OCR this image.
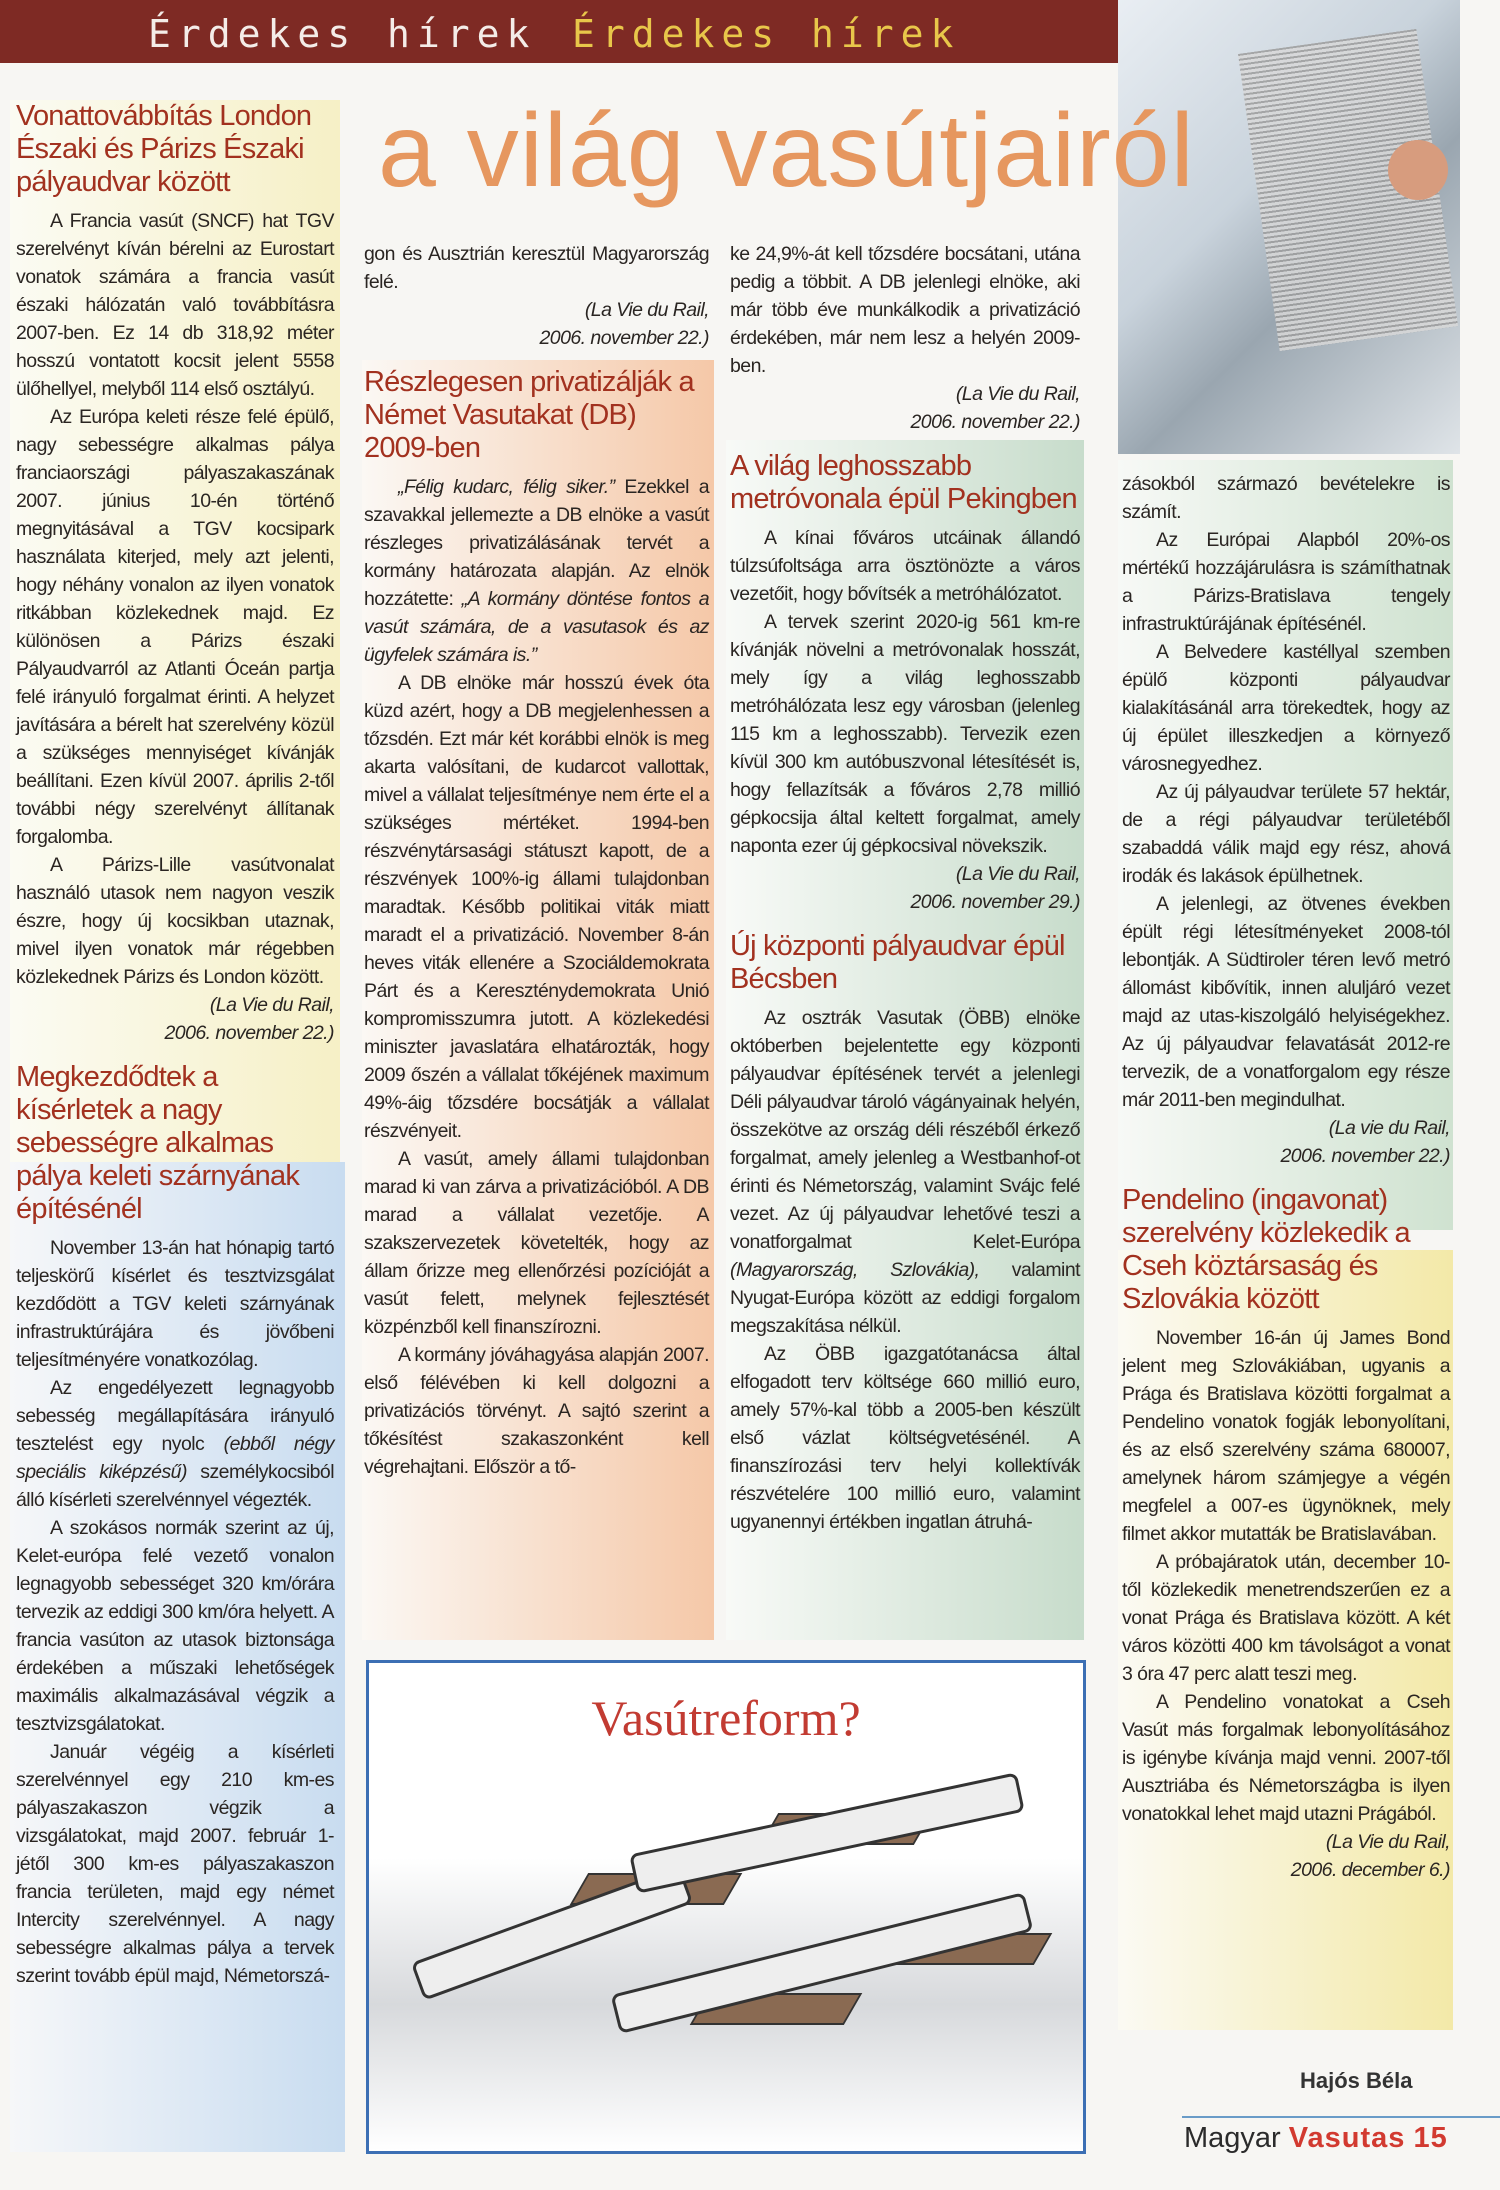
Érdekes hírek Érdekes hírek
a világ vasútjairól
Vonattovábbítás London Északi és Párizs Északi pályaudvar között

A Francia vasút (SNCF) hat TGV szerelvényt kíván bérelni az Eurostart vonatok számára a francia vasút északi hálózatán való továbbításra 2007-ben. Ez 14 db 318,92 méter hosszú vontatott kocsit jelent 5558 ülőhellyel, melyből 114 első osztályú.

Az Európa keleti része felé épülő, nagy sebességre alkalmas pálya franciaországi pályaszakaszának 2007. június 10-én történő megnyitásával a TGV kocsipark használata kiterjed, mely azt jelenti, hogy néhány vonalon az ilyen vonatok ritkábban közlekednek majd. Ez különösen a Párizs északi Pályaudvarról az Atlanti Óceán partja felé irányuló forgalmat érinti. A helyzet javítására a bérelt hat szerelvény közül a szükséges mennyiséget kívánják beállítani. Ezen kívül 2007. április 2-től további négy szerelvényt állítanak forgalomba.

A Párizs-Lille vasútvonalat használó utasok nem nagyon veszik észre, hogy új kocsikban utaznak, mivel ilyen vonatok már régebben közlekednek Párizs és London között.

(La Vie du Rail,
2006. november 22.)
Megkezdődtek a kísérletek a nagy sebességre alkalmas pálya keleti szárnyának építésénél

November 13-án hat hónapig tartó teljeskörű kísérlet és tesztvizsgálat kezdődött a TGV keleti szárnyának infrastruktúrájára és jövőbeni teljesítményére vonatkozólag.

Az engedélyezett legnagyobb sebesség megállapítására irányuló tesztelést egy nyolc (ebből négy speciális kiképzésű) személykocsiból álló kísérleti szerelvénnyel végezték.

A szokásos normák szerint az új, Kelet-európa felé vezető vonalon legnagyobb sebességet 320 km/órára tervezik az eddigi 300 km/óra helyett. A francia vasúton az utasok biztonsága érdekében a műszaki lehetőségek maximális alkalmazásával végzik a tesztvizsgálatokat.

Január végéig a kísérleti szerelvénnyel egy 210 km-es pályaszakaszon végzik a vizsgálatokat, majd 2007. február 1-jétől 300 km-es pályaszakaszon francia területen, majd egy német Intercity szerelvénnyel. A nagy sebességre alkalmas pálya a tervek szerint tovább épül majd, Németorszá-

gon és Ausztrián keresztül Magyarország felé.

(La Vie du Rail,
2006. november 22.)
Részlegesen privatizálják a Német Vasutakat (DB) 2009-ben

„Félig kudarc, félig siker.” Ezekkel a szavakkal jellemezte a DB elnöke a vasút részleges privatizálásának tervét a kormány határozata alapján. Az elnök hozzátette: „A kormány döntése fontos a vasút számára, de a vasutasok és az ügyfelek számára is.”

A DB elnöke már hosszú évek óta küzd azért, hogy a DB megjelenhessen a tőzsdén. Ezt már két korábbi elnök is meg akarta valósítani, de kudarcot vallottak, mivel a vállalat teljesítménye nem érte el a szükséges mértéket. 1994-ben részvénytársasági státuszt kapott, de a részvények 100%-ig állami tulajdonban maradtak. Később politikai viták miatt maradt el a privatizáció. November 8-án heves viták ellenére a Szociáldemokrata Párt és a Kereszténydemokrata Unió kompromisszumra jutott. A közlekedési miniszter javaslatára elhatározták, hogy 2009 őszén a vállalat tőkéjének maximum 49%-áig tőzsdére bocsátják a vállalat részvényeit.

A vasút, amely állami tulajdonban marad ki van zárva a privatizációból. A DB marad a vállalat vezetője. A szakszervezetek követelték, hogy az állam őrizze meg ellenőrzési pozícióját a vasút felett, melynek fejlesztését közpénzből kell finanszírozni.

A kormány jóváhagyása alapján 2007. első félévében ki kell dolgozni a privatizációs törvényt. A sajtó szerint a tőkésítést szakaszonként kell végrehajtani. Először a tő-

ke 24,9%-át kell tőzsdére bocsátani, utána pedig a többit. A DB jelenlegi elnöke, aki már több éve munkálkodik a privatizáció érdekében, már nem lesz a helyén 2009-ben.

(La Vie du Rail,
2006. november 22.)
A világ leghosszabb metróvonala épül Pekingben

A kínai főváros utcáinak állandó túlzsúfoltsága arra ösztönözte a város vezetőit, hogy bővítsék a metróhálózatot.

A tervek szerint 2020-ig 561 km-re kívánják növelni a metróvonalak hosszát, mely így a világ leghosszabb metróhálózata lesz egy városban (jelenleg 115 km a leghosszabb). Tervezik ezen kívül 300 km autóbuszvonal létesítését is, hogy fellazítsák a főváros 2,78 millió gépkocsija által keltett forgalmat, amely naponta ezer új gépkocsival növekszik.

(La Vie du Rail,
2006. november 29.)
Új központi pályaudvar épül Bécsben

Az osztrák Vasutak (ÖBB) elnöke októberben bejelentette egy központi pályaudvar építésének tervét a jelenlegi Déli pályaudvar tároló vágányainak helyén, összekötve az ország déli részéből érkező forgalmat, amely jelenleg a Westbanhof-ot érinti és Németország, valamint Svájc felé vezet. Az új pályaudvar lehetővé teszi a vonatforgalmat Kelet-Európa (Magyarország, Szlovákia), valamint Nyugat-Európa között az eddigi forgalom megszakítása nélkül.

Az ÖBB igazgatótanácsa által elfogadott terv költsége 660 millió euro, amely 57%-kal több a 2005-ben készült első vázlat költségvetésénél. A finanszírozási terv helyi kollektívák részvételére 100 millió euro, valamint ugyanennyi értékben ingatlan átruhá-

Vasútreform?

zásokból származó bevételekre is számít.

Az Európai Alapból 20%-os mértékű hozzájárulásra is számíthatnak a Párizs-Bratislava tengely infrastruktúrájának építésénél.

A Belvedere kastéllyal szemben épülő központi pályaudvar kialakításánál arra törekedtek, hogy az új épület illeszkedjen a környező városnegyedhez.

Az új pályaudvar területe 57 hektár, de a régi pályaudvar területéből szabaddá válik majd egy rész, ahová irodák és lakások épülhetnek.

A jelenlegi, az ötvenes években épült régi létesítményeket 2008-tól lebontják. A Südtiroler téren levő metró állomást kibővítik, innen aluljáró vezet majd az utas-kiszolgáló helyiségekhez. Az új pályaudvar felavatását 2012-re tervezik, de a vonatforgalom egy része már 2011-ben megindulhat.

(La vie du Rail,
2006. november 22.)
Pendelino (ingavonat) szerelvény közlekedik a Cseh köztársaság és Szlovákia között

November 16-án új James Bond jelent meg Szlovákiában, ugyanis a Prága és Bratislava közötti forgalmat a Pendelino vonatok fogják lebonyolítani, és az első szerelvény száma 680007, amelynek három számjegye a végén megfelel a 007-es ügynöknek, mely filmet akkor mutatták be Bratislavában.

A próbajáratok után, december 10-től közlekedik menetrendszerűen ez a vonat Prága és Bratislava között. A két város közötti 400 km távolságot a vonat 3 óra 47 perc alatt teszi meg.

A Pendelino vonatokat a Cseh Vasút más forgalmak lebonyolításához is igénybe kívánja majd venni. 2007-től Ausztriába és Németországba is ilyen vonatokkal lehet majd utazni Prágából.

(La Vie du Rail,
2006. december 6.)
Hajós Béla
Magyar Vasutas 15
